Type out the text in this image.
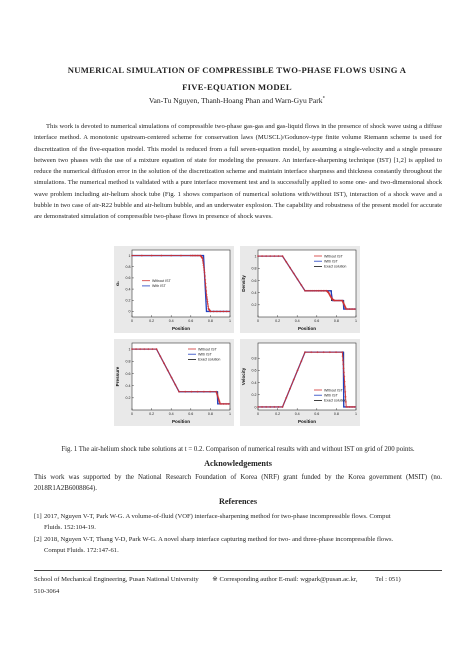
NUMERICAL SIMULATION OF COMPRESSIBLE TWO-PHASE FLOWS USING A
FIVE-EQUATION MODEL
Van-Tu Nguyen, Thanh-Hoang Phan and Warn-Gyu Park*

This work is devoted to numerical simulations of compressible two-phase gas-gas and gas-liquid flows in the presence of shock wave using a diffuse interface method. A monotonic upstream-centered scheme for conservation laws (MUSCL)/Godunov-type finite volume Riemann scheme is used for discretization of the five-equation model. This model is reduced from a full seven-equation model, by assuming a single-velocity and a single pressure between two phases with the use of a mixture equation of state for modeling the pressure. An interface-sharpening technique (IST) [1,2] is applied to reduce the numerical diffusion error in the solution of the discretization scheme and maintain interface sharpness and thickness constantly throughout the simulations. The numerical method is validated with a pure interface movement test and is successfully applied to some one- and two-dimensional shock wave problem including air-helium shock tube (Fig. 1 shows comparison of numerical solutions with/without IST), interaction of a shock wave and a bubble in two case of air-R22 bubble and air-helium bubble, and an underwater explosion. The capability and robustness of the present model for accurate are demonstrated simulation of compressible two-phase flows in presence of shock waves.

0	0.2	0.4	0.6	0.8	1
0
0.2
0.4
0.6
0.8
1
Position
α₁
Without IST
With IST
0	0.2	0.4	0.6	0.8	1
0.2
0.4
0.6
0.8
1
Position
Density
Without IST
With IST
Exact solution
0	0.2	0.4	0.6	0.8	1
0.2
0.4
0.6
0.8
1
Position
Pressure
Without IST
With IST
Exact solution
0	0.2	0.4	0.6	0.8	1
0
0.2
0.4
0.6
0.8
Position
Velocity
Without IST
With IST
Exact solution
Fig. 1 The air-helium shock tube solutions at t = 0.2. Comparison of numerical results with and without IST on grid of 200 points.
Acknowledgements

This work was supported by the National Research Foundation of Korea (NRF) grant funded by the Korea government (MSIT) (no. 2018R1A2B6008864).

References
[1] 2017, Nguyen V-T, Park W-G. A volume-of-fluid (VOF) interface-sharpening method for two-phase incompressible flows. Comput
Fluids. 152:104-19.
[2] 2018, Nguyen V-T, Thang V-D, Park W-G. A novel sharp interface capturing method for two- and three-phase incompressible flows.
Comput Fluids. 172:147-61.
School of Mechanical Engineering, Pusan National University ※ Corresponding author E-mail: wgpark@pusan.ac.kr,	Tel : 051)
510-3064
